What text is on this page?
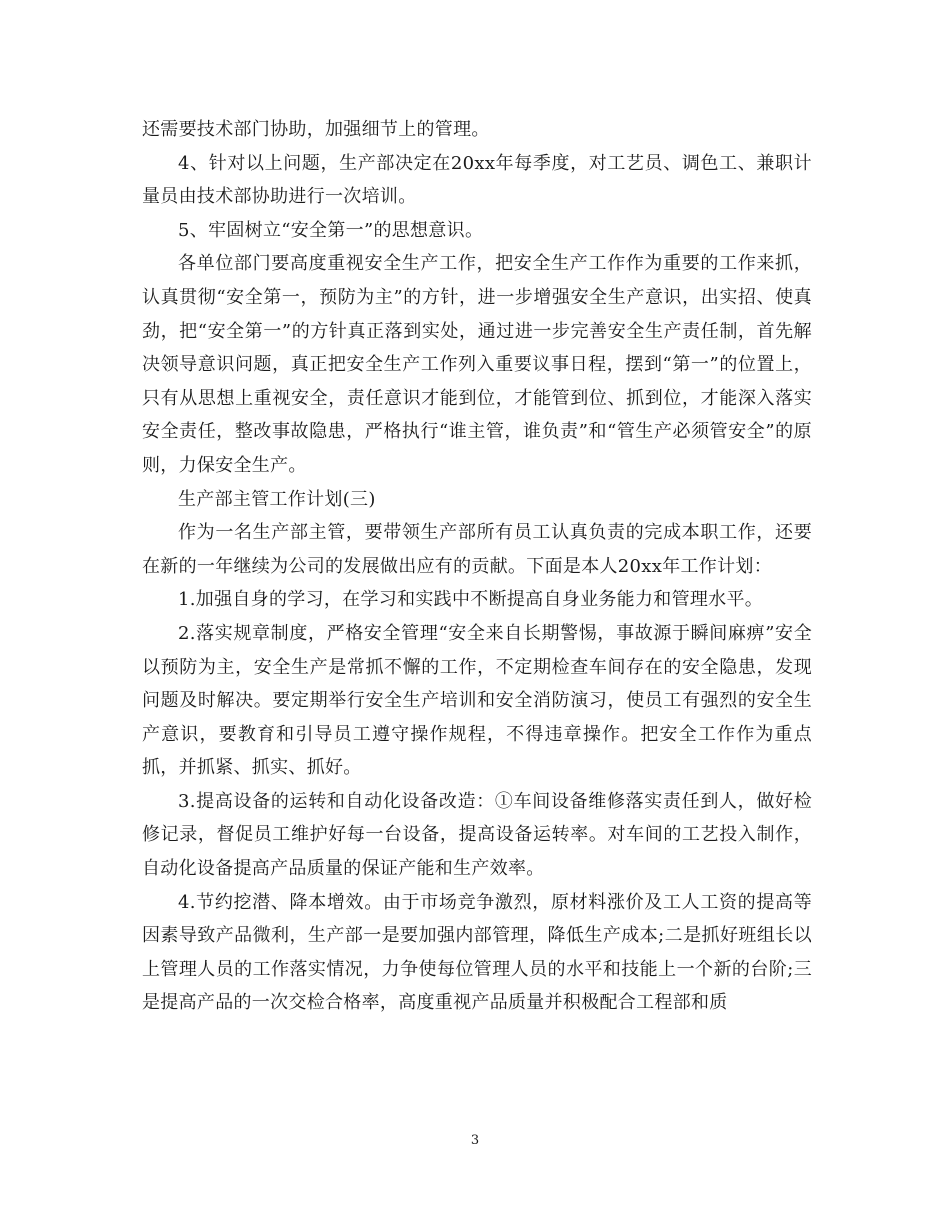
还需要技术部门协助，加强细节上的管理。

4、针对以上问题，生产部决定在20xx年每季度，对工艺员、调色工、兼职计量员由技术部协助进行一次培训。

5、牢固树立“安全第一”的思想意识。

各单位部门要高度重视安全生产工作，把安全生产工作作为重要的工作来抓，认真贯彻“安全第一，预防为主”的方针，进一步增强安全生产意识，出实招、使真劲，把“安全第一”的方针真正落到实处，通过进一步完善安全生产责任制，首先解决领导意识问题，真正把安全生产工作列入重要议事日程，摆到“第一”的位置上，只有从思想上重视安全，责任意识才能到位，才能管到位、抓到位，才能深入落实安全责任，整改事故隐患，严格执行“谁主管，谁负责”和“管生产必须管安全”的原则，力保安全生产。

生产部主管工作计划(三)

作为一名生产部主管，要带领生产部所有员工认真负责的完成本职工作，还要在新的一年继续为公司的发展做出应有的贡献。下面是本人20xx年工作计划：

1.加强自身的学习，在学习和实践中不断提高自身业务能力和管理水平。

2.落实规章制度，严格安全管理“安全来自长期警惕，事故源于瞬间麻痹”安全以预防为主，安全生产是常抓不懈的工作，不定期检查车间存在的安全隐患，发现问题及时解决。要定期举行安全生产培训和安全消防演习，使员工有强烈的安全生产意识，要教育和引导员工遵守操作规程，不得违章操作。把安全工作作为重点抓，并抓紧、抓实、抓好。

3.提高设备的运转和自动化设备改造：①车间设备维修落实责任到人，做好检修记录，督促员工维护好每一台设备，提高设备运转率。对车间的工艺投入制作，自动化设备提高产品质量的保证产能和生产效率。

4.节约挖潜、降本增效。由于市场竞争激烈，原材料涨价及工人工资的提高等因素导致产品微利，生产部一是要加强内部管理，降低生产成本;二是抓好班组长以上管理人员的工作落实情况，力争使每位管理人员的水平和技能上一个新的台阶;三是提高产品的一次交检合格率，高度重视产品质量并积极配合工程部和质

3
